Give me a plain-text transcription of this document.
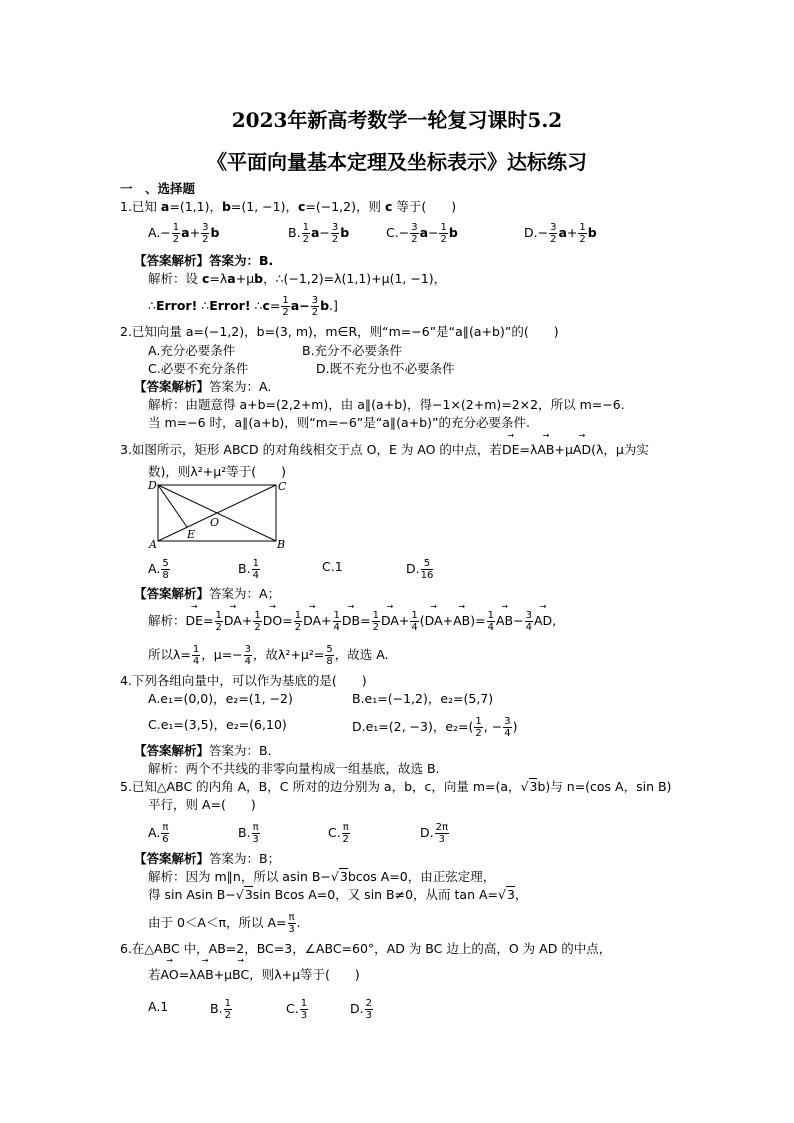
2023年新高考数学一轮复习课时5.2
《平面向量基本定理及坐标表示》达标练习
一　、选择题
1.已知 a=(1,1)，b=(1, −1)，c=(−1,2)，则 c 等于(　　)
$A.- \frac{1}{2} a+ \frac{3}{2}$ b	B. $\frac{1}{2} a- \frac{3}{2}$ b	$C.- \frac{3}{2} a- \frac{1}{2}$ b	$D.- \frac{3}{2} a+ \frac{1}{2}$ b
【答案解析】答案为：B.
解析：设 c=λa+μb，∴(−1,2)=λ(1,1)+μ(1, −1)，
∴Error! ∴Error! ∴c= $\frac{1}{2} a- \frac{3}{2} b$.]
2.已知向量 a=(−1,2)，b=(3, m)，m∈R，则“m=−6”是“a∥(a+b)”的(　　)
A.充分必要条件	B.充分不必要条件
C.必要不充分条件	D.既不充分也不必要条件
【答案解析】答案为：A.
解析：由题意得 a+b=(2,2+m)，由 a∥(a+b)，得−1×(2+m)=2×2，所以 m=−6.
当 m=−6 时，a∥(a+b)，则“m=−6”是“a∥(a+b)”的充分必要条件.
3.如图所示，矩形 ABCD 的对角线相交于点 O，E 为 AO 的中点，若→ DE=λ→ AB+μ→ AD(λ，μ为实
数)，则λ²+μ²等于(　　)
D	C
O
E
A	B
A. $\frac{5}{8}$	B. $\frac{1}{4}$	C.1	D. $\frac{5}{16}$
【答案解析】答案为：A；
解析：→ $DE= \frac{1}{2}$
→ $DA+ \frac{1}{2}$
→ $DO= \frac{1}{2}$
→ $DA+ \frac{1}{4}$
→ $DB= \frac{1}{2}$
→ $DA+ \frac{1}{4}$ (→ $DA+\to AB)= \frac{1}{4}$
→ $AB- \frac{3}{4}$
→ AD,
所以$\lambda= \frac{1}{4}$ ，$\mu=- \frac{3}{4}$ ，故$\lambda^2+\mu^2= \frac{5}{8}$ ，故选 A.
4.下列各组向量中，可以作为基底的是(　　)
A.e₁=(0,0)，e₂=(1, −2)	B.e₁=(−1,2)，e₂=(5,7)
C.e₁=(3,5)，e₂=(6,10)	D.e₁=(2, −3)，$e_2=( \frac{1}{2}$ , − $\frac{3}{4}$ )
【答案解析】答案为：B.
解析：两个不共线的非零向量构成一组基底，故选 B.
5.已知△ABC 的内角 A，B，C 所对的边分别为 a，b，c，向量 m=(a，√3b)与 n=(cos A，sin B)
平行，则 A=(　　)
A. $\frac{\pi}{6}$	B. $\frac{\pi}{3}$	C. $\frac{\pi}{2}$	D. $\frac{2\pi}{3}$
【答案解析】答案为：B；
解析：因为 m∥n，所以 asin B−√3bcos A=0，由正弦定理，
得 sin Asin B−√3sin Bcos A=0，又 sin B≠0，从而 tan A=√3，
由于 0＜A＜π，所以 $A= \frac{\pi}{3}$ .
6.在△ABC 中，AB=2，BC=3，∠ABC=60°，AD 为 BC 边上的高，O 为 AD 的中点，
若→ AO=λ→ AB+μ→ BC，则λ+μ等于(　　)
A.1	B. $\frac{1}{2}$	C. $\frac{1}{3}$	D. $\frac{2}{3}$
